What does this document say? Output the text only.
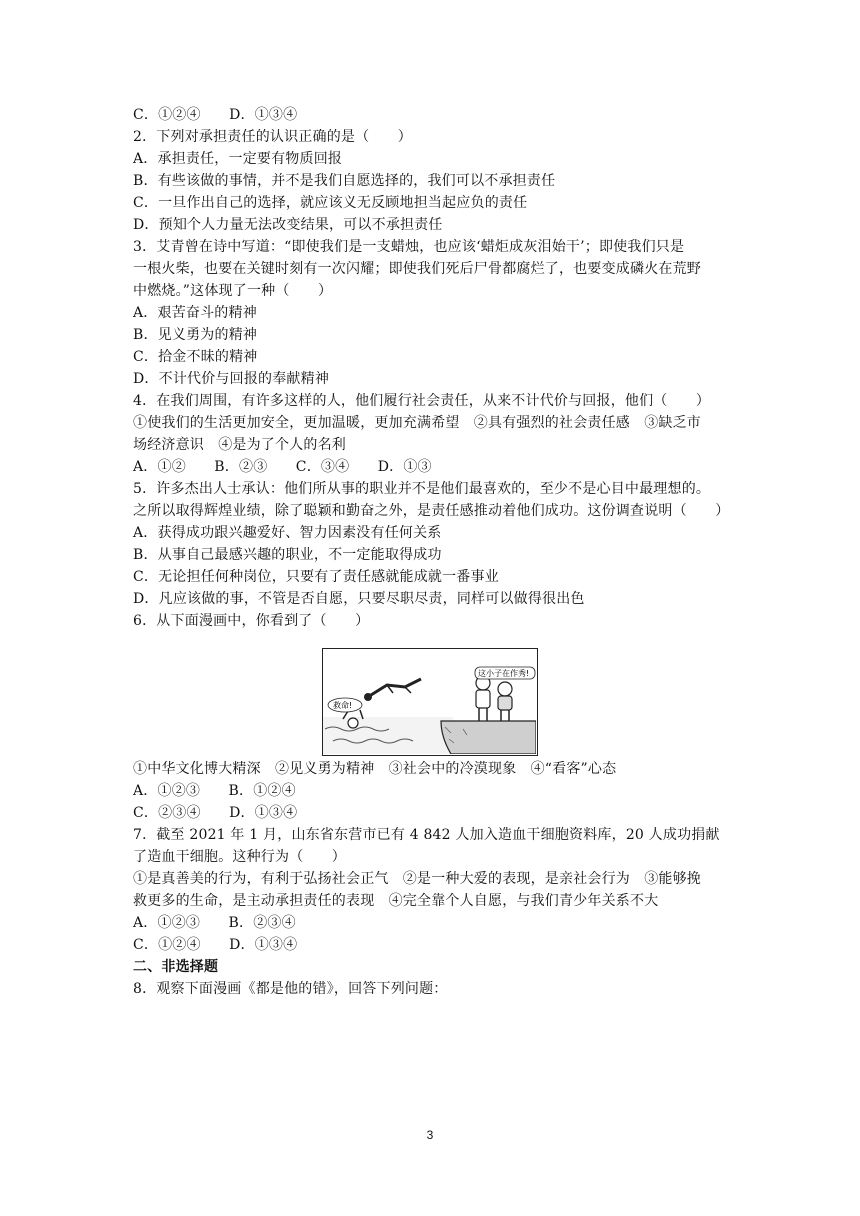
C．①②④　　D．①③④
2．下列对承担责任的认识正确的是（　　）
A．承担责任，一定要有物质回报
B．有些该做的事情，并不是我们自愿选择的，我们可以不承担责任
C．一旦作出自己的选择，就应该义无反顾地担当起应负的责任
D．预知个人力量无法改变结果，可以不承担责任
3．艾青曾在诗中写道：“即使我们是一支蜡烛，也应该‘蜡炬成灰泪始干’；即使我们只是
一根火柴，也要在关键时刻有一次闪耀；即使我们死后尸骨都腐烂了，也要变成磷火在荒野
中燃烧。”这体现了一种（　　）
A．艰苦奋斗的精神
B．见义勇为的精神
C．拾金不昧的精神
D．不计代价与回报的奉献精神
4．在我们周围，有许多这样的人，他们履行社会责任，从来不计代价与回报，他们（　　）
①使我们的生活更加安全，更加温暖，更加充满希望　②具有强烈的社会责任感　③缺乏市
场经济意识　④是为了个人的名利
A．①②　　B．②③　　C．③④　　D．①③
5．许多杰出人士承认：他们所从事的职业并不是他们最喜欢的，至少不是心目中最理想的。
之所以取得辉煌业绩，除了聪颖和勤奋之外，是责任感推动着他们成功。这份调查说明（　　）
A．获得成功跟兴趣爱好、智力因素没有任何关系
B．从事自己最感兴趣的职业，不一定能取得成功
C．无论担任何种岗位，只要有了责任感就能成就一番事业
D．凡应该做的事，不管是否自愿，只要尽职尽责，同样可以做得很出色
6．从下面漫画中，你看到了（　　）
救命!
这小子在作秀!
①中华文化博大精深　②见义勇为精神　③社会中的冷漠现象　④“看客”心态
A．①②③　　B．①②④
C．②③④　　D．①③④
7．截至 2021 年 1 月，山东省东营市已有 4 842 人加入造血干细胞资料库，20 人成功捐献
了造血干细胞。这种行为（　　）
①是真善美的行为，有利于弘扬社会正气　②是一种大爱的表现，是亲社会行为　③能够挽
救更多的生命，是主动承担责任的表现　④完全靠个人自愿，与我们青少年关系不大
A．①②③　　B．②③④
C．①②④　　D．①③④
二、非选择题
8．观察下面漫画《都是他的错》，回答下列问题：
3
